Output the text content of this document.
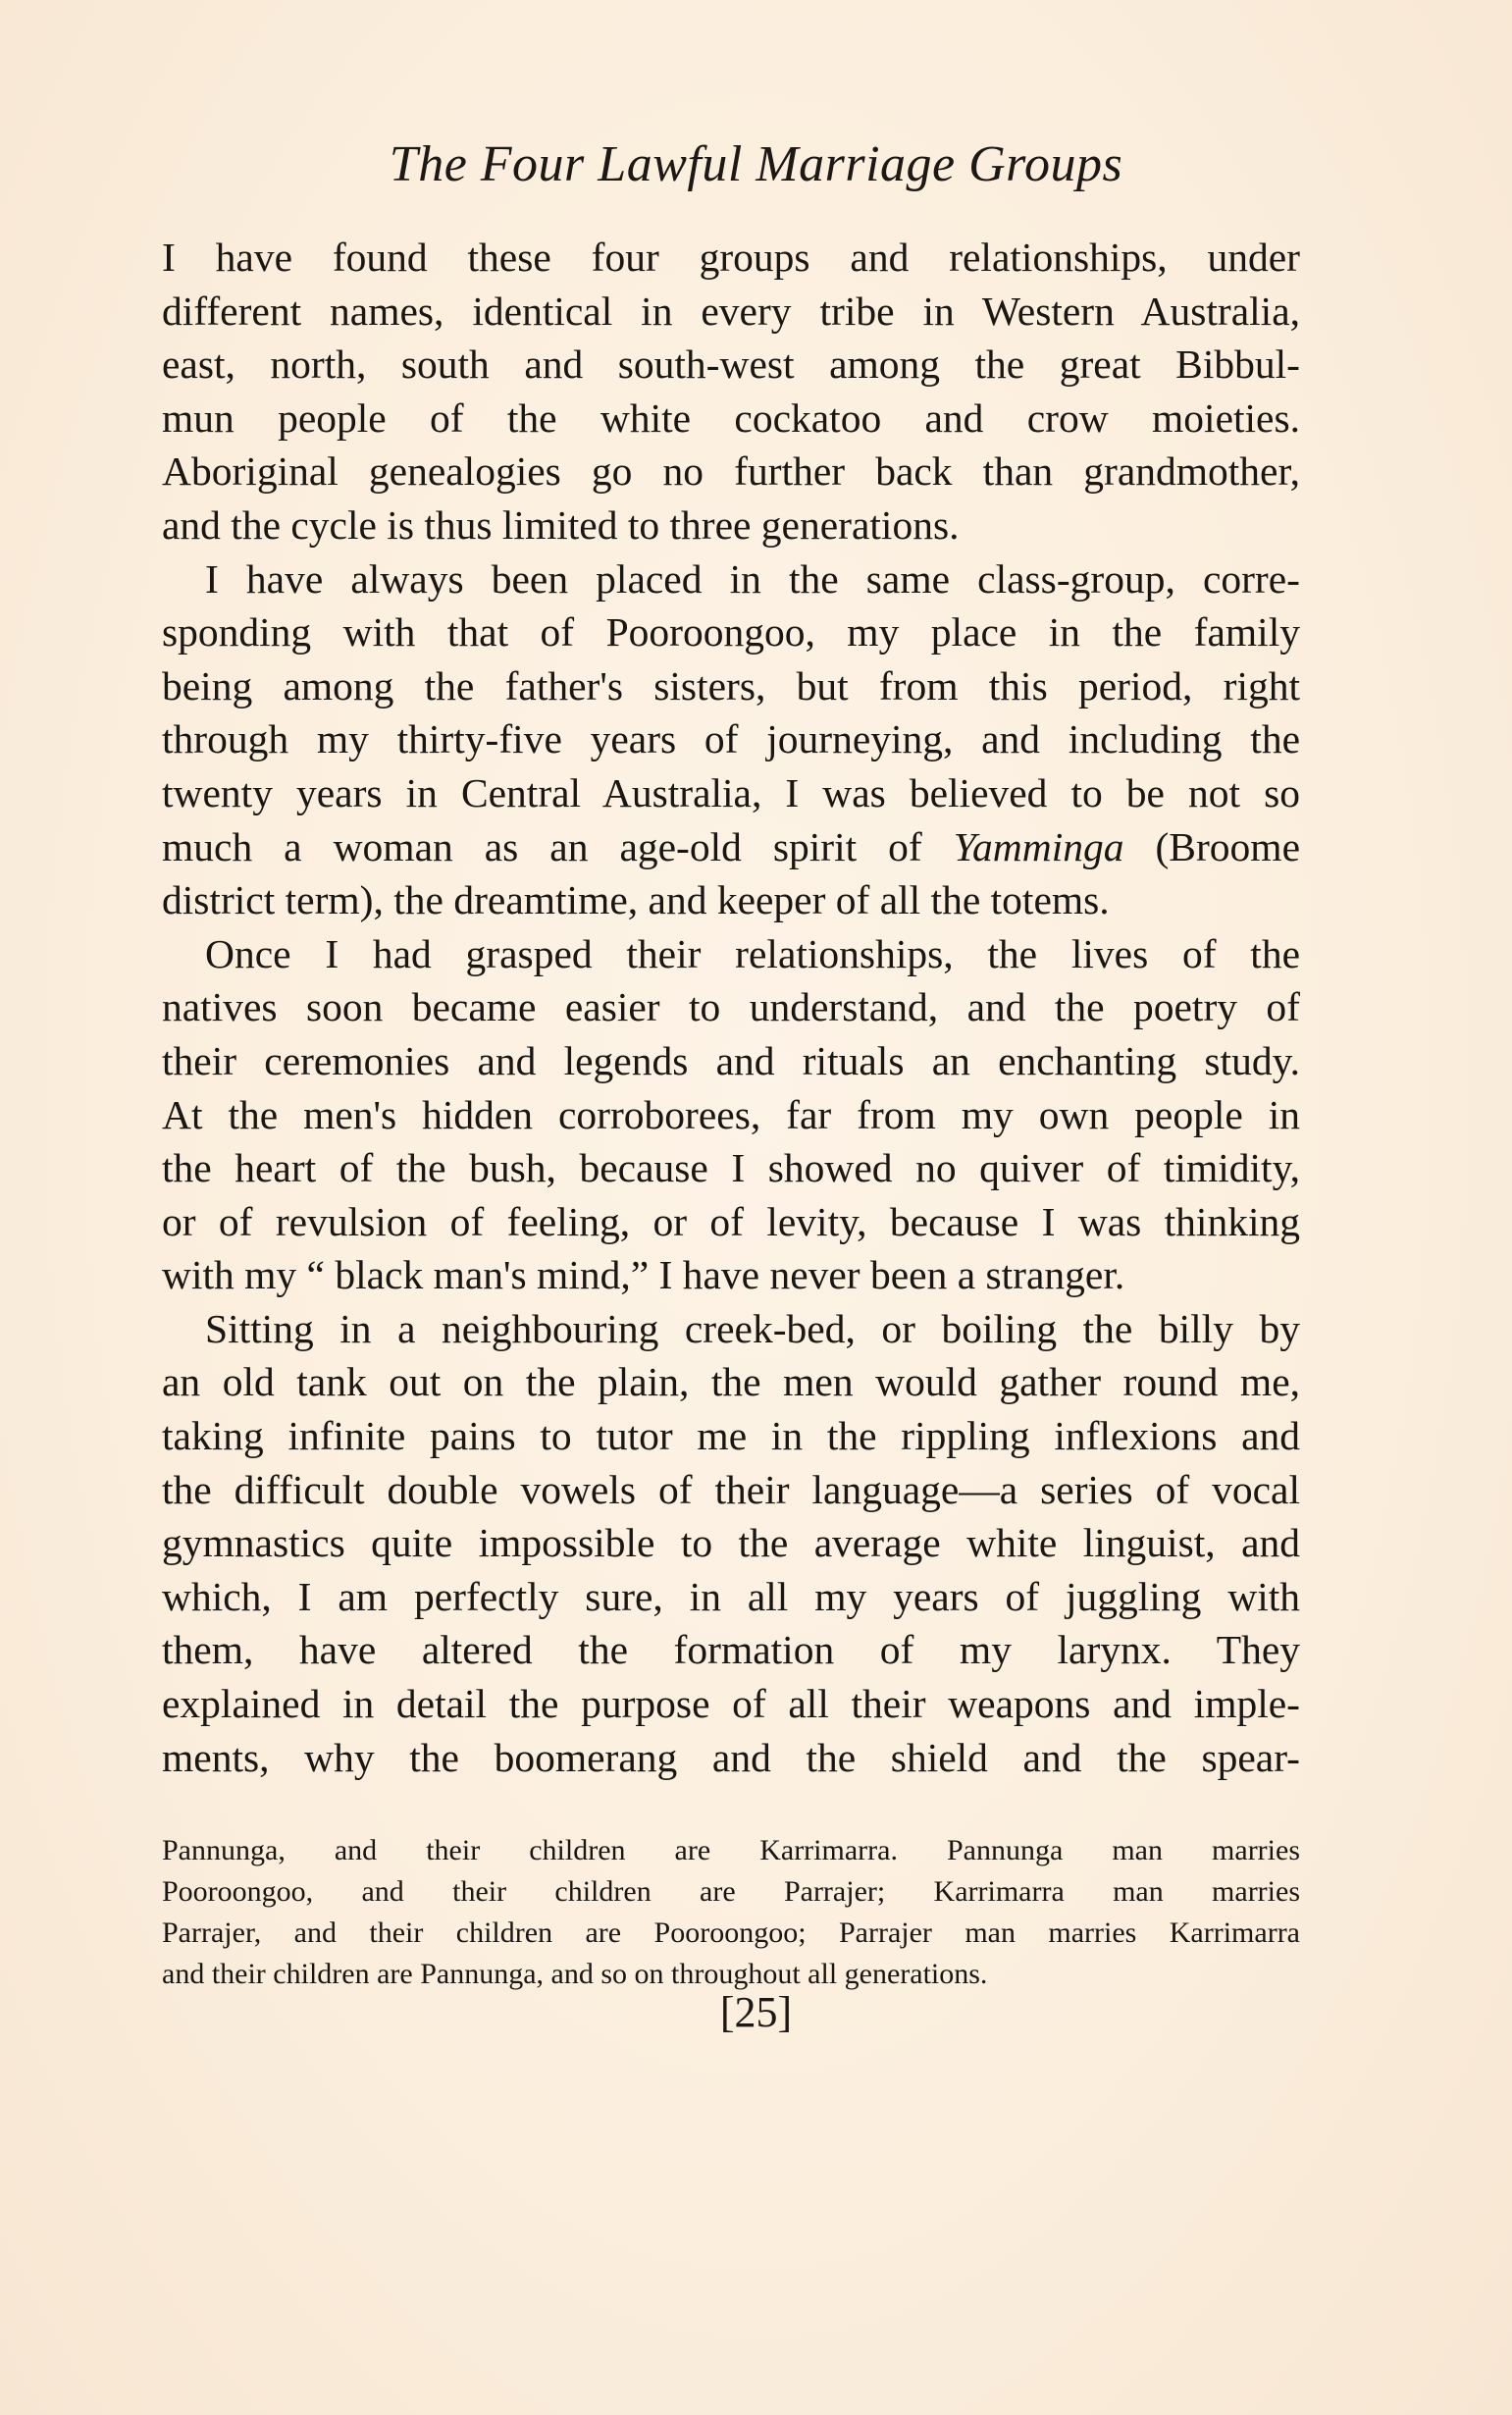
The Four Lawful Marriage Groups
I have found these four groups and relationships, under
different names, identical in every tribe in Western Australia,
east, north, south and south-west among the great Bibbul-
mun people of the white cockatoo and crow moieties.
Aboriginal genealogies go no further back than grandmother,
and the cycle is thus limited to three generations.
I have always been placed in the same class-group, corre-
sponding with that of Pooroongoo, my place in the family
being among the father's sisters, but from this period, right
through my thirty-five years of journeying, and including the
twenty years in Central Australia, I was believed to be not so
much a woman as an age-old spirit of Yamminga (Broome
district term), the dreamtime, and keeper of all the totems.
Once I had grasped their relationships, the lives of the
natives soon became easier to understand, and the poetry of
their ceremonies and legends and rituals an enchanting study.
At the men's hidden corroborees, far from my own people in
the heart of the bush, because I showed no quiver of timidity,
or of revulsion of feeling, or of levity, because I was thinking
with my “ black man's mind,” I have never been a stranger.
Sitting in a neighbouring creek-bed, or boiling the billy by
an old tank out on the plain, the men would gather round me,
taking infinite pains to tutor me in the rippling inflexions and
the difficult double vowels of their language—a series of vocal
gymnastics quite impossible to the average white linguist, and
which, I am perfectly sure, in all my years of juggling with
them, have altered the formation of my larynx. They
explained in detail the purpose of all their weapons and imple-
ments, why the boomerang and the shield and the spear-
Pannunga, and their children are Karrimarra. Pannunga man marries
Pooroongoo, and their children are Parrajer; Karrimarra man marries
Parrajer, and their children are Pooroongoo; Parrajer man marries Karrimarra
and their children are Pannunga, and so on throughout all generations.
[25]
